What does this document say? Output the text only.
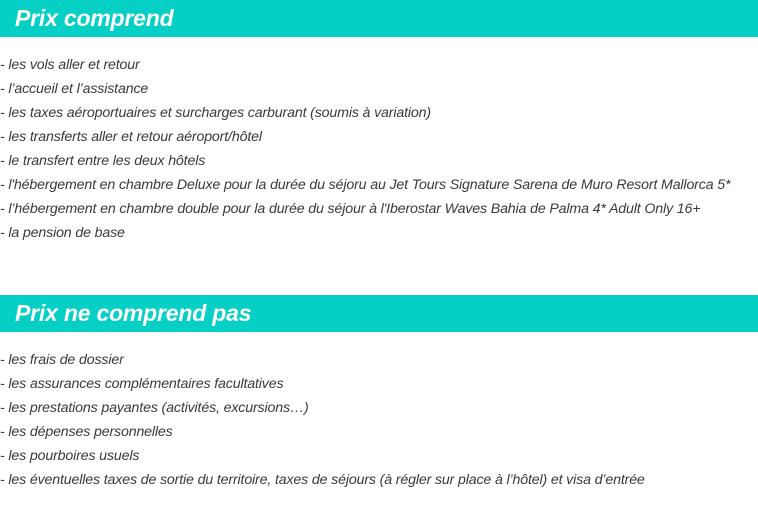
Prix comprend
- les vols aller et retour
- l’accueil et l’assistance
- les taxes aéroportuaires et surcharges carburant (soumis à variation)
- les transferts aller et retour aéroport/hôtel
- le transfert entre les deux hôtels
- l'hébergement en chambre Deluxe pour la durée du séjoru au Jet Tours Signature Sarena de Muro Resort Mallorca 5*
- l’hébergement en chambre double pour la durée du séjour à l'Iberostar Waves Bahia de Palma 4* Adult Only 16+
- la pension de base
Prix ne comprend pas
- les frais de dossier
- les assurances complémentaires facultatives
- les prestations payantes (activités, excursions…)
- les dépenses personnelles
- les pourboires usuels
- les éventuelles taxes de sortie du territoire, taxes de séjours (à régler sur place à l’hôtel) et visa d’entrée
